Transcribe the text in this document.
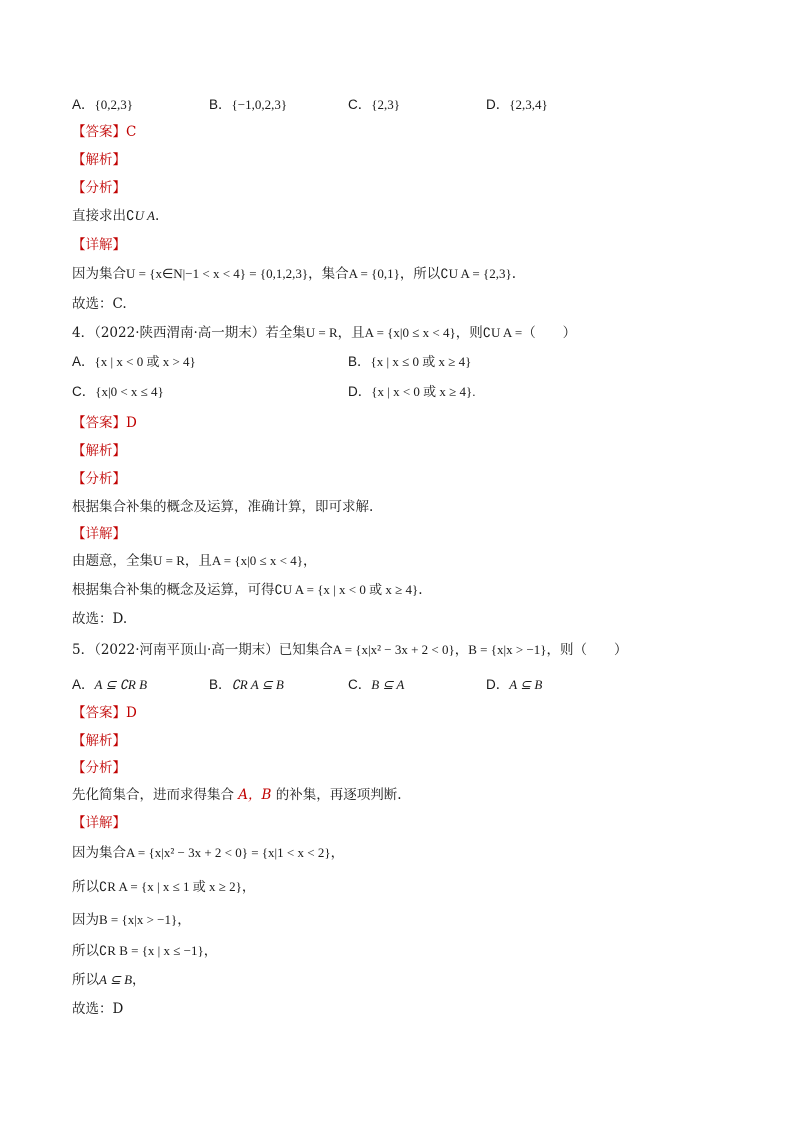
A．{0,2,3}	B．{−1,0,2,3}	C．{2,3}	D．{2,3,4}
【答案】C
【解析】
【分析】
直接求出∁U A.
【详解】
因为集合U = {x∈N|−1 < x < 4} = {0,1,2,3}，集合A = {0,1}，所以∁U A = {2,3}.
故选：C.
4．（2022·陕西渭南·高一期末）若全集U = R，且A = {x|0 ≤ x < 4}，则∁U A =（　　）
A．{x | x < 0 或 x > 4}	B．{x | x ≤ 0 或 x ≥ 4}
C．{x|0 < x ≤ 4}	D．{x | x < 0 或 x ≥ 4}.
【答案】D
【解析】
【分析】
根据集合补集的概念及运算，准确计算，即可求解.
【详解】
由题意，全集U = R，且A = {x|0 ≤ x < 4}，
根据集合补集的概念及运算，可得∁U A = {x | x < 0 或 x ≥ 4}.
故选：D.
5．（2022·河南平顶山·高一期末）已知集合A = {x|x² − 3x + 2 < 0}，B = {x|x > −1}，则（　　）
A．A ⊆ ∁R B	B．∁R A ⊆ B	C．B ⊆ A	D．A ⊆ B
【答案】D
【解析】
【分析】
先化简集合，进而求得集合 A，B 的补集，再逐项判断.
【详解】
因为集合A = {x|x² − 3x + 2 < 0} = {x|1 < x < 2}，
所以∁R A = {x | x ≤ 1 或 x ≥ 2}，
因为B = {x|x > −1}，
所以∁R B = {x | x ≤ −1}，
所以A ⊆ B，
故选：D
